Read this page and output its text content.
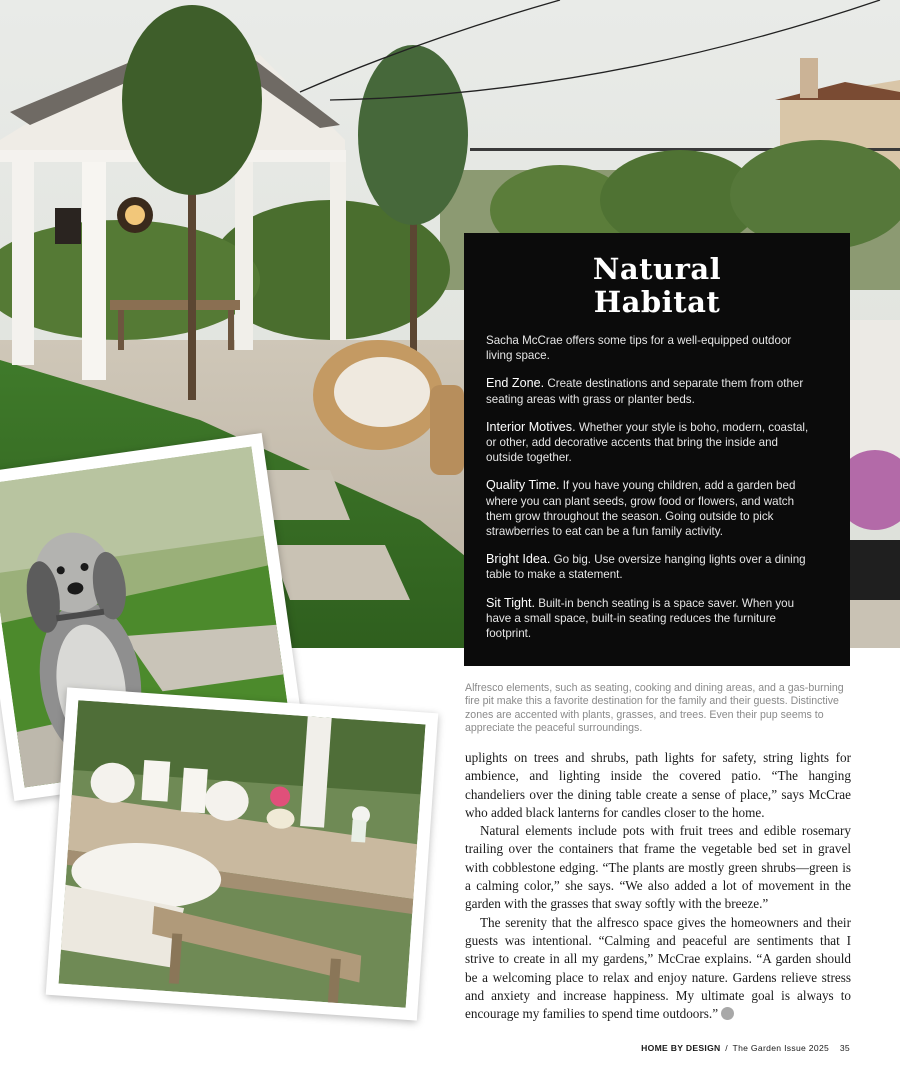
Natural
Habitat

Sacha McCrae offers some tips for a well-equipped outdoor living space.

End Zone. Create destinations and separate them from other seating areas with grass or planter beds.

Interior Motives. Whether your style is boho, modern, coastal, or other, add decorative accents that bring the inside and outside together.

Quality Time. If you have young children, add a garden bed where you can plant seeds, grow food or flowers, and watch them grow throughout the season. Going outside to pick strawberries to eat can be a fun family activity.

Bright Idea. Go big. Use oversize hanging lights over a dining table to make a statement.

Sit Tight. Built-in bench seating is a space saver. When you have a small space, built-in seating reduces the furniture footprint.

Alfresco elements, such as seating, cooking and dining areas, and a gas-burning fire pit make this a favorite destination for the family and their guests. Distinctive zones are accented with plants, grasses, and trees. Even their pup seems to appreciate the peaceful surroundings.

uplights on trees and shrubs, path lights for safety, string lights for ambience, and lighting inside the covered patio. “The hanging chandeliers over the dining table create a sense of place,” says McCrae who added black lanterns for candles closer to the home.

Natural elements include pots with fruit trees and edible rosemary trailing over the containers that frame the vegetable bed set in gravel with cobblestone edging. “The plants are mostly green shrubs—green is a calming color,” she says. “We also added a lot of movement in the garden with the grasses that sway softly with the breeze.”

The serenity that the alfresco space gives the homeowners and their guests was intentional. “Calming and peaceful are sentiments that I strive to create in all my gardens,” McCrae explains. “A garden should be a welcoming place to relax and enjoy nature. Gardens relieve stress and anxiety and increase happiness. My ultimate goal is always to encourage my families to spend time outdoors.”

HOME BY DESIGN / The Garden Issue 2025 35
